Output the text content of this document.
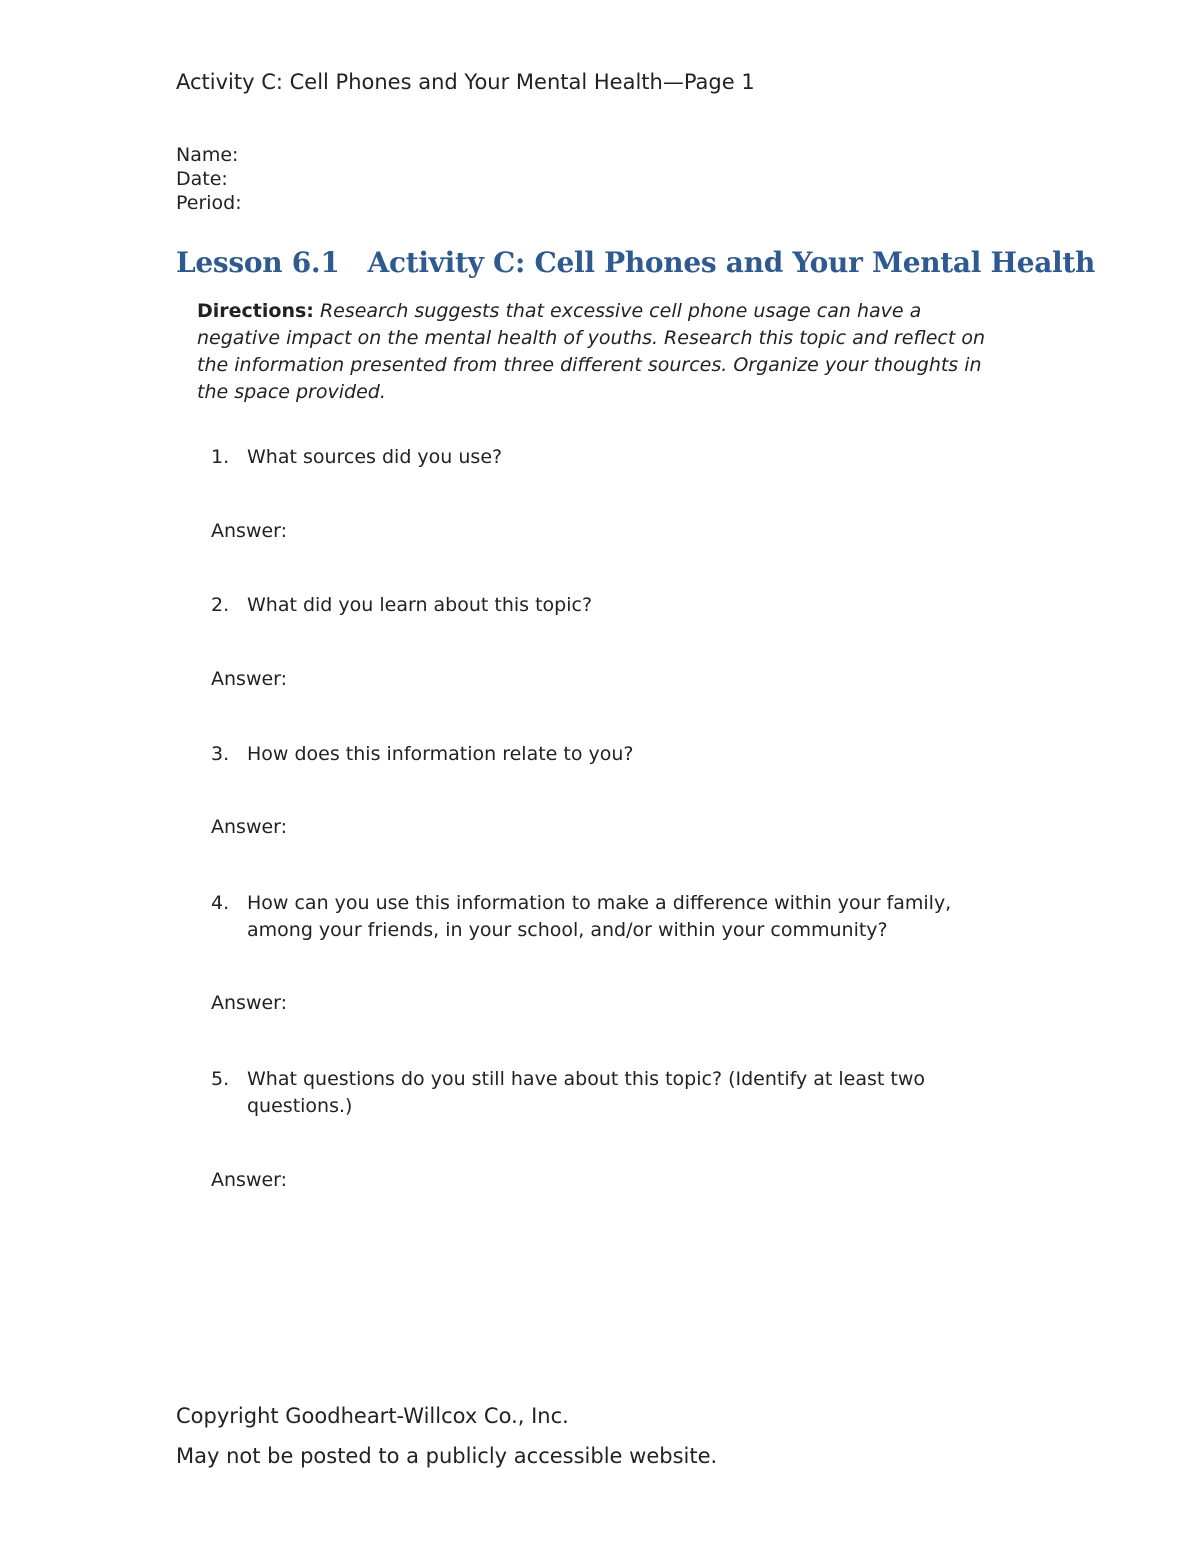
Activity C: Cell Phones and Your Mental Health—Page 1
Name:
Date:
Period:
Lesson 6.1 Activity C: Cell Phones and Your Mental Health
Directions: Research suggests that excessive cell phone usage can have a negative impact on the mental health of youths. Research this topic and reflect on the information presented from three different sources. Organize your thoughts in the space provided.
1. What sources did you use?
Answer:
2. What did you learn about this topic?
Answer:
3. How does this information relate to you?
Answer:
4. How can you use this information to make a difference within your family, among your friends, in your school, and/or within your community?
Answer:
5. What questions do you still have about this topic? (Identify at least two questions.)
Answer:
Copyright Goodheart-Willcox Co., Inc.
May not be posted to a publicly accessible website.
